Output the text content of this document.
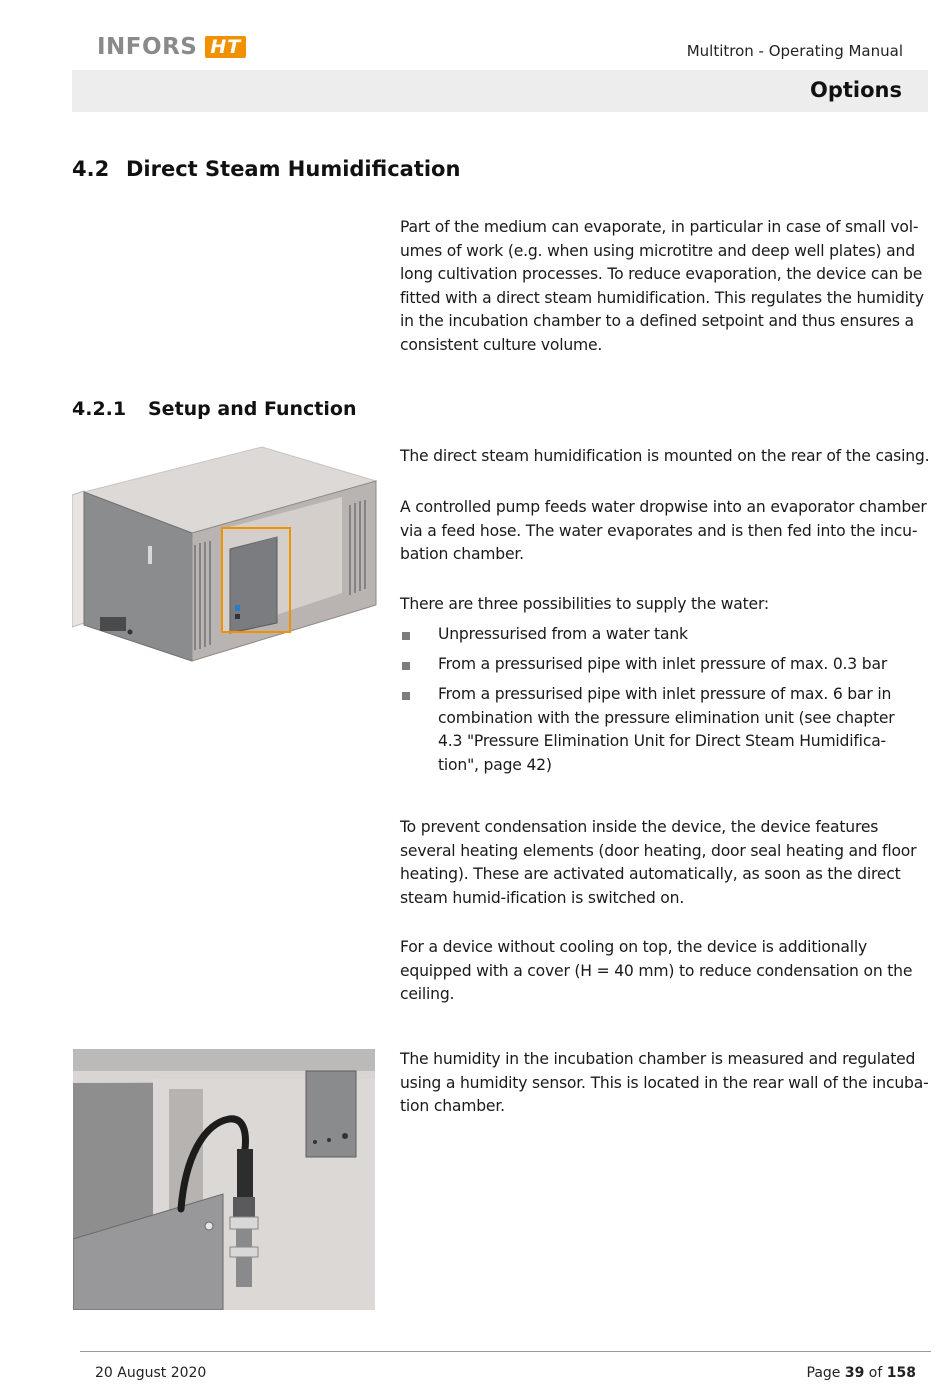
INFORS HT	Multitron - Operating Manual
Options
4.2 Direct Steam Humidification
Part of the medium can evaporate, in particular in case of small vol-umes of work (e.g. when using microtitre and deep well plates) and long cultivation processes. To reduce evaporation, the device can be fitted with a direct steam humidification. This regulates the humidity in the incubation chamber to a defined setpoint and thus ensures a consistent culture volume.
4.2.1 Setup and Function
The direct steam humidification is mounted on the rear of the casing.
A controlled pump feeds water dropwise into an evaporator chamber via a feed hose. The water evaporates and is then fed into the incu-bation chamber.
There are three possibilities to supply the water:
Unpressurised from a water tank
From a pressurised pipe with inlet pressure of max. 0.3 bar
From a pressurised pipe with inlet pressure of max. 6 bar in combination with the pressure elimination unit (see chapter 4.3 "Pressure Elimination Unit for Direct Steam Humidifica-tion", page 42)
To prevent condensation inside the device, the device features several heating elements (door heating, door seal heating and floor heating). These are activated automatically, as soon as the direct steam humid-ification is switched on.
For a device without cooling on top, the device is additionally equipped with a cover (H = 40 mm) to reduce condensation on the ceiling.
The humidity in the incubation chamber is measured and regulated using a humidity sensor. This is located in the rear wall of the incuba-tion chamber.
20 August 2020	Page 39 of 158
